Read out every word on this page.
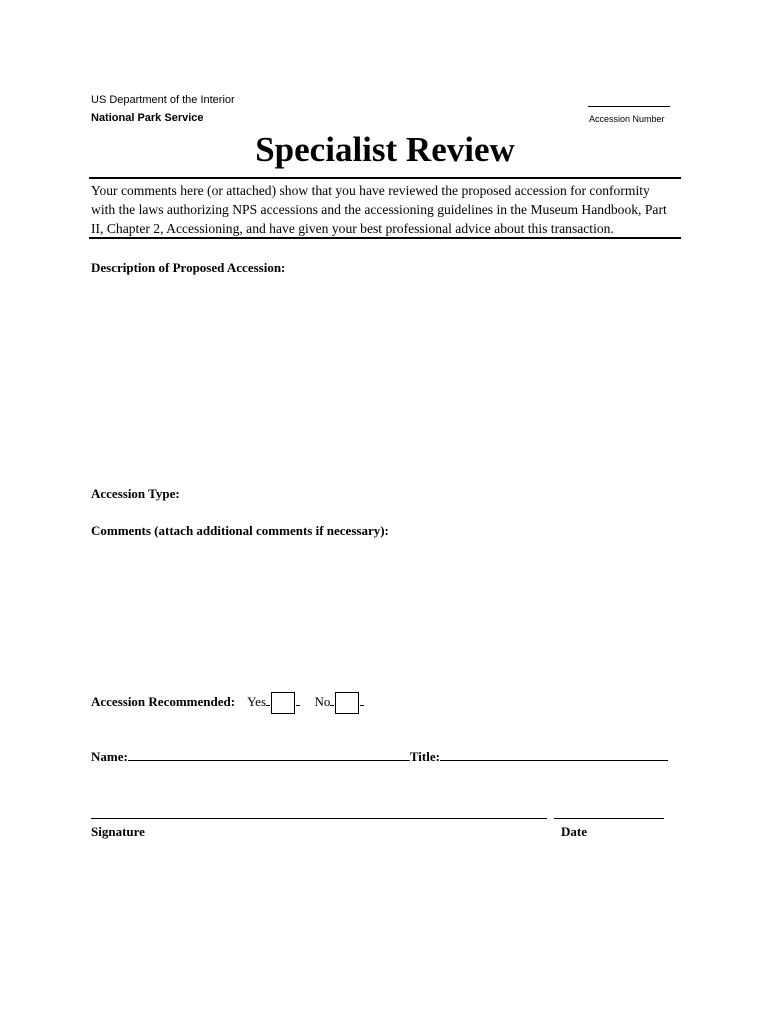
US Department of the Interior
National Park Service	Accession Number
Specialist Review
Your comments here (or attached) show that you have reviewed the proposed accession for conformity
with the laws authorizing NPS accessions and the accessioning guidelines in the Museum Handbook, Part
II, Chapter 2, Accessioning, and have given your best professional advice about this transaction.
Description of Proposed Accession:
Accession Type:
Comments (attach additional comments if necessary):
Accession Recommended: Yes	No
Name:	Title:
Signature	Date
